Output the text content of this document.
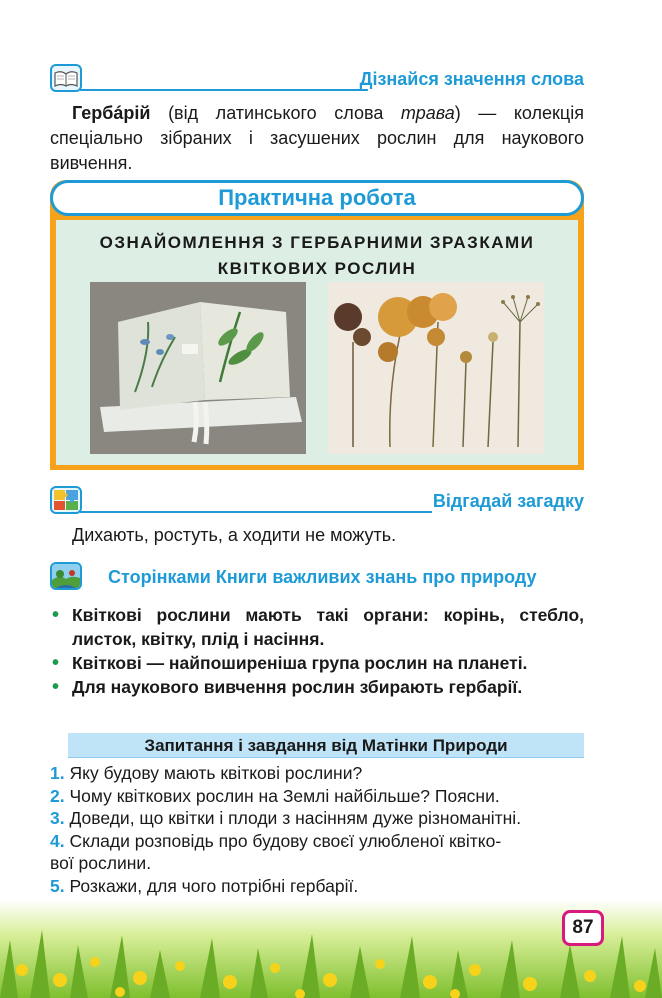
Дізнайся значення слова

Гербáрій (від латинського слова трава) — колекція спеціально зібраних і засушених рослин для наукового вивчення.

Практична робота
ОЗНАЙОМЛЕННЯ З ГЕРБАРНИМИ ЗРАЗКАМИ
КВІТКОВИХ РОСЛИН
Відгадай загадку
Дихають, ростуть, а ходити не можуть.
Сторінками Книги важливих знань про природу
• Квіткові рослини мають такі органи: корінь, стебло, листок, квітку, плід і насіння.
• Квіткові — найпоширеніша група рослин на планеті.
• Для наукового вивчення рослин збирають гербарії.
Запитання і завдання від Матінки Природи
1. Яку будову мають квіткові рослини?
2. Чому квіткових рослин на Землі найбільше? Поясни.
3. Доведи, що квітки і плоди з насінням дуже різноманітні.
4. Склади розповідь про будову своєї улюбленої квітко-
вої рослини.
5. Розкажи, для чого потрібні гербарії.
87
